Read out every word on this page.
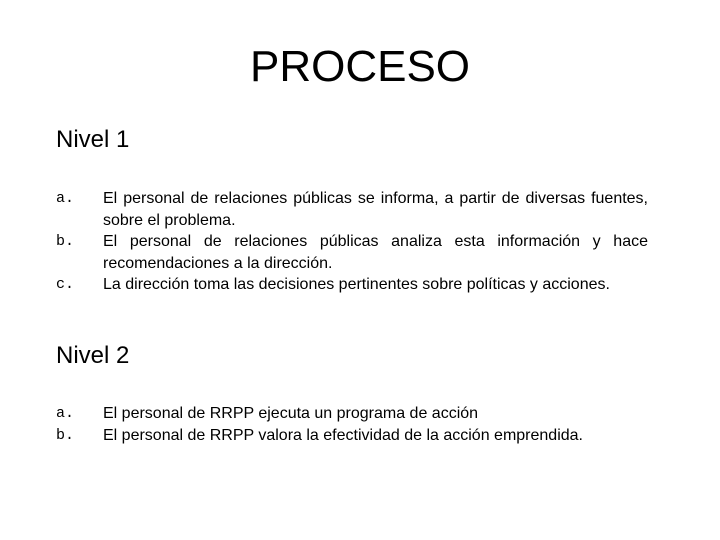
PROCESO
Nivel 1
a.	El personal de relaciones públicas se informa, a partir de diversas fuentes, sobre el problema.
b.	El personal de relaciones públicas analiza esta información y hace recomendaciones a la dirección.
c.	La dirección toma las decisiones pertinentes sobre políticas y acciones.
Nivel 2
a.	El personal de RRPP ejecuta un programa de acción
b.	El personal de RRPP valora la efectividad de la acción emprendida.
